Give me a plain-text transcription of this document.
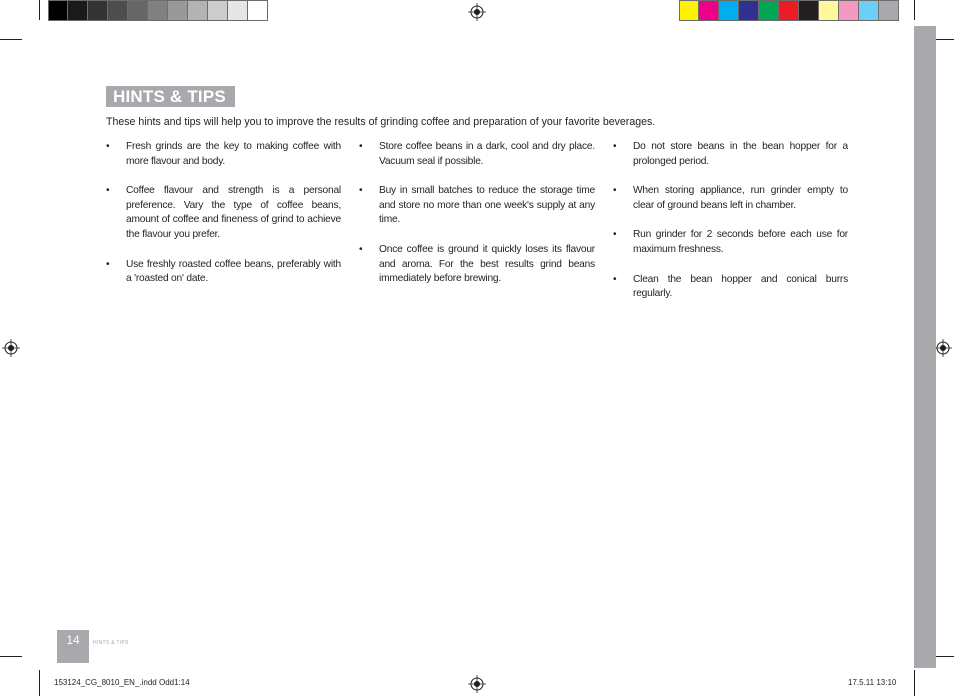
HINTS & TIPS
These hints and tips will help you to improve the results of grinding coffee and preparation of your favorite beverages.
• Fresh grinds are the key to making coffee with more flavour and body.
• Coffee flavour and strength is a personal preference. Vary the type of coffee beans, amount of coffee and fineness of grind to achieve the flavour you prefer.
• Use freshly roasted coffee beans, preferably with a 'roasted on' date.
• Store coffee beans in a dark, cool and dry place. Vacuum seal if possible.
• Buy in small batches to reduce the storage time and store no more than one week's supply at any time.
• Once coffee is ground it quickly loses its flavour and aroma. For the best results grind beans immediately before brewing.
• Do not store beans in the bean hopper for a prolonged period.
• When storing appliance, run grinder empty to clear of ground beans left in chamber.
• Run grinder for 2 seconds before each use for maximum freshness.
• Clean the bean hopper and conical burrs regularly.
14	HINTS & TIPS
153124_CG_8010_EN_.indd Odd1:14	17.5.11 13:10
